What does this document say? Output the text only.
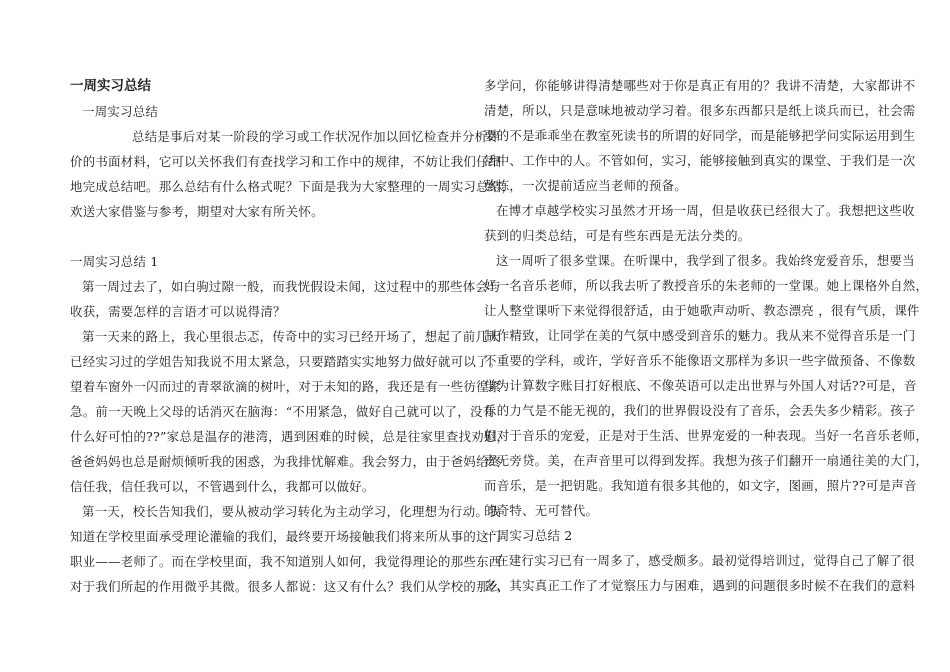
一周实习总结
一周实习总结
总结是事后对某一阶段的学习或工作状况作加以回忆检查并分析评
价的书面材料，它可以关怀我们有查找学习和工作中的规律，不妨让我们仔细
地完成总结吧。那么总结有什么格式呢？下面是我为大家整理的一周实习总结，
欢送大家借鉴与参考，期望对大家有所关怀。
一周实习总结 1
第一周过去了，如白驹过隙一般，而我恍假设未闻，这过程中的那些体会与
收获，需要怎样的言语才可以说得清？
第一天来的路上，我心里很忐忑，传奇中的实习已经开场了，想起了前几天
已经实习过的学姐告知我说不用太紧急，只要踏踏实实地努力做好就可以了。
望着车窗外一闪而过的青翠欲滴的树叶，对于未知的路，我还是有一些彷徨紧
急。前一天晚上父母的话消灭在脑海：“不用紧急，做好自己就可以了，没有
什么好可怕的??”家总是温存的港湾，遇到困难的时候，总是往家里查找劝慰，
爸爸妈妈也总是耐烦倾听我的困惑，为我排忧解难。我会努力，由于爸妈给终
信任我，信任我可以，不管遇到什么，我都可以做好。
第一天，校长告知我们，要从被动学习转化为主动学习，化理想为行动。我
知道在学校里面承受理论灌输的我们，最终要开场接触我们将来所从事的这门
职业——老师了。而在学校里面，我不知道别人如何，我觉得理论的那些东西
对于我们所起的作用微乎其微。很多人都说：这又有什么？我们从学校的那么
多学问，你能够讲得清楚哪些对于你是真正有用的？我讲不清楚，大家都讲不
清楚，所以，只是意味地被动学习着。很多东西都只是纸上谈兵而已，社会需
要的不是乖乖坐在教室死读书的所谓的好同学，而是能够把学问实际运用到生
活中、工作中的人。不管如何，实习，能够接触到真实的课堂、于我们是一次
熬炼，一次提前适应当老师的预备。
在博才卓越学校实习虽然才开场一周，但是收获已经很大了。我想把这些收
获到的归类总结，可是有些东西是无法分类的。
这一周听了很多堂课。在听课中，我学到了很多。我始终宠爱音乐，想要当
好一名音乐老师，所以我去听了教授音乐的朱老师的一堂课。她上课格外自然，
让人整堂课听下来觉得很舒适，由于她歌声动听、教态漂亮 ，很有气质，课件
制作精致，让同学在美的气氛中感受到音乐的魅力。我从来不觉得音乐是一门
不重要的学科，或许，学好音乐不能像语文那样为多识一些字做预备、不像数
学为计算数字账目打好根底、不像英语可以走出世界与外国人对话??可是，音
乐的力气是不能无视的，我们的世界假设没有了音乐，会丢失多少精彩。孩子
们对于音乐的宠爱，正是对于生活、世界宠爱的一种表现。当好一名音乐老师，
责无旁贷。美，在声音里可以得到发挥。我想为孩子们翻开一扇通往美的大门，
而音乐，是一把钥匙。我知道有很多其他的，如文字，图画，照片??可是声音
的奇特、无可替代。
一周实习总结 2
在建行实习已有一周多了，感受颇多。最初觉得培训过，觉得自己了解了很
多，其实真正工作了才觉察压力与困难，遇到的问题很多时候不在我们的意料
